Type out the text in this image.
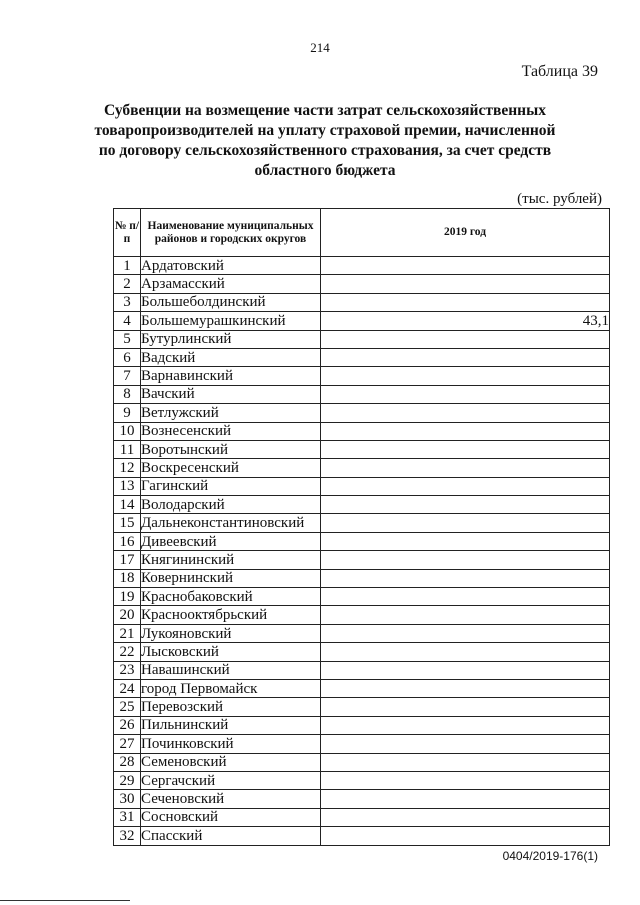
214
Таблица 39
Субвенции на возмещение части затрат сельскохозяйственных
товаропроизводителей на уплату страховой премии, начисленной
по договору сельскохозяйственного страхования, за счет средств
областного бюджета
(тыс. рублей)
№ п/п	Наименование муниципальных районов и городских округов	2019 год
1	Ардатовский	
2	Арзамасский	
3	Большеболдинский	
4	Большемурашкинский	43,1
5	Бутурлинский	
6	Вадский	
7	Варнавинский	
8	Вачский	
9	Ветлужский	
10	Вознесенский	
11	Воротынский	
12	Воскресенский	
13	Гагинский	
14	Володарский	
15	Дальнеконстантиновский	
16	Дивеевский	
17	Княгининский	
18	Ковернинский	
19	Краснобаковский	
20	Краснооктябрьский	
21	Лукояновский	
22	Лысковский	
23	Навашинский	
24	город Первомайск	
25	Перевозский	
26	Пильнинский	
27	Починковский	
28	Семеновский	
29	Сергачский	
30	Сеченовский	
31	Сосновский	
32	Спасский	
0404/2019-176(1)
